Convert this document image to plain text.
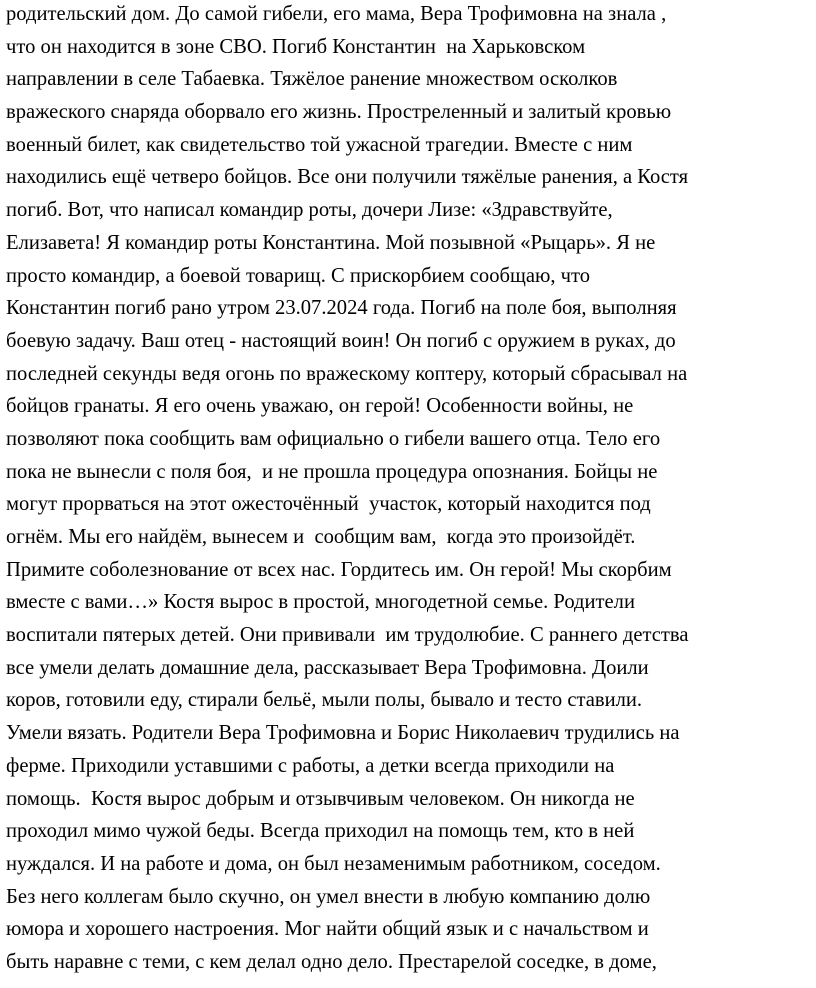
родительский дом. До самой гибели, его мама, Вера Трофимовна на знала ,

что он находится в зоне СВО. Погиб Константин  на Харьковском

направлении в селе Табаевка. Тяжёлое ранение множеством осколков

вражеского снаряда оборвало его жизнь. Простреленный и залитый кровью

военный билет, как свидетельство той ужасной трагедии. Вместе с ним

находились ещё четверо бойцов. Все они получили тяжёлые ранения, а Костя

погиб. Вот, что написал командир роты, дочери Лизе: «Здравствуйте,

Елизавета! Я командир роты Константина. Мой позывной «Рыцарь». Я не

просто командир, а боевой товарищ. С прискорбием сообщаю, что

Константин погиб рано утром 23.07.2024 года. Погиб на поле боя, выполняя

боевую задачу. Ваш отец - настоящий воин! Он погиб с оружием в руках, до

последней секунды ведя огонь по вражескому коптеру, который сбрасывал на

бойцов гранаты. Я его очень уважаю, он герой! Особенности войны, не

позволяют пока сообщить вам официально о гибели вашего отца. Тело его

пока не вынесли с поля боя,  и не прошла процедура опознания. Бойцы не

могут прорваться на этот ожесточённый  участок, который находится под

огнём. Мы его найдём, вынесем и  сообщим вам,  когда это произойдёт.

Примите соболезнование от всех нас. Гордитесь им. Он герой! Мы скорбим

вместе с вами…» Костя вырос в простой, многодетной семье. Родители

воспитали пятерых детей. Они прививали  им трудолюбие. С раннего детства

все умели делать домашние дела, рассказывает Вера Трофимовна. Доили

коров, готовили еду, стирали бельё, мыли полы, бывало и тесто ставили.

Умели вязать. Родители Вера Трофимовна и Борис Николаевич трудились на

ферме. Приходили уставшими с работы, а детки всегда приходили на

помощь.  Костя вырос добрым и отзывчивым человеком. Он никогда не

проходил мимо чужой беды. Всегда приходил на помощь тем, кто в ней

нуждался. И на работе и дома, он был незаменимым работником, соседом.

Без него коллегам было скучно, он умел внести в любую компанию долю

юмора и хорошего настроения. Мог найти общий язык и с начальством и

быть наравне с теми, с кем делал одно дело. Престарелой соседке, в доме,
